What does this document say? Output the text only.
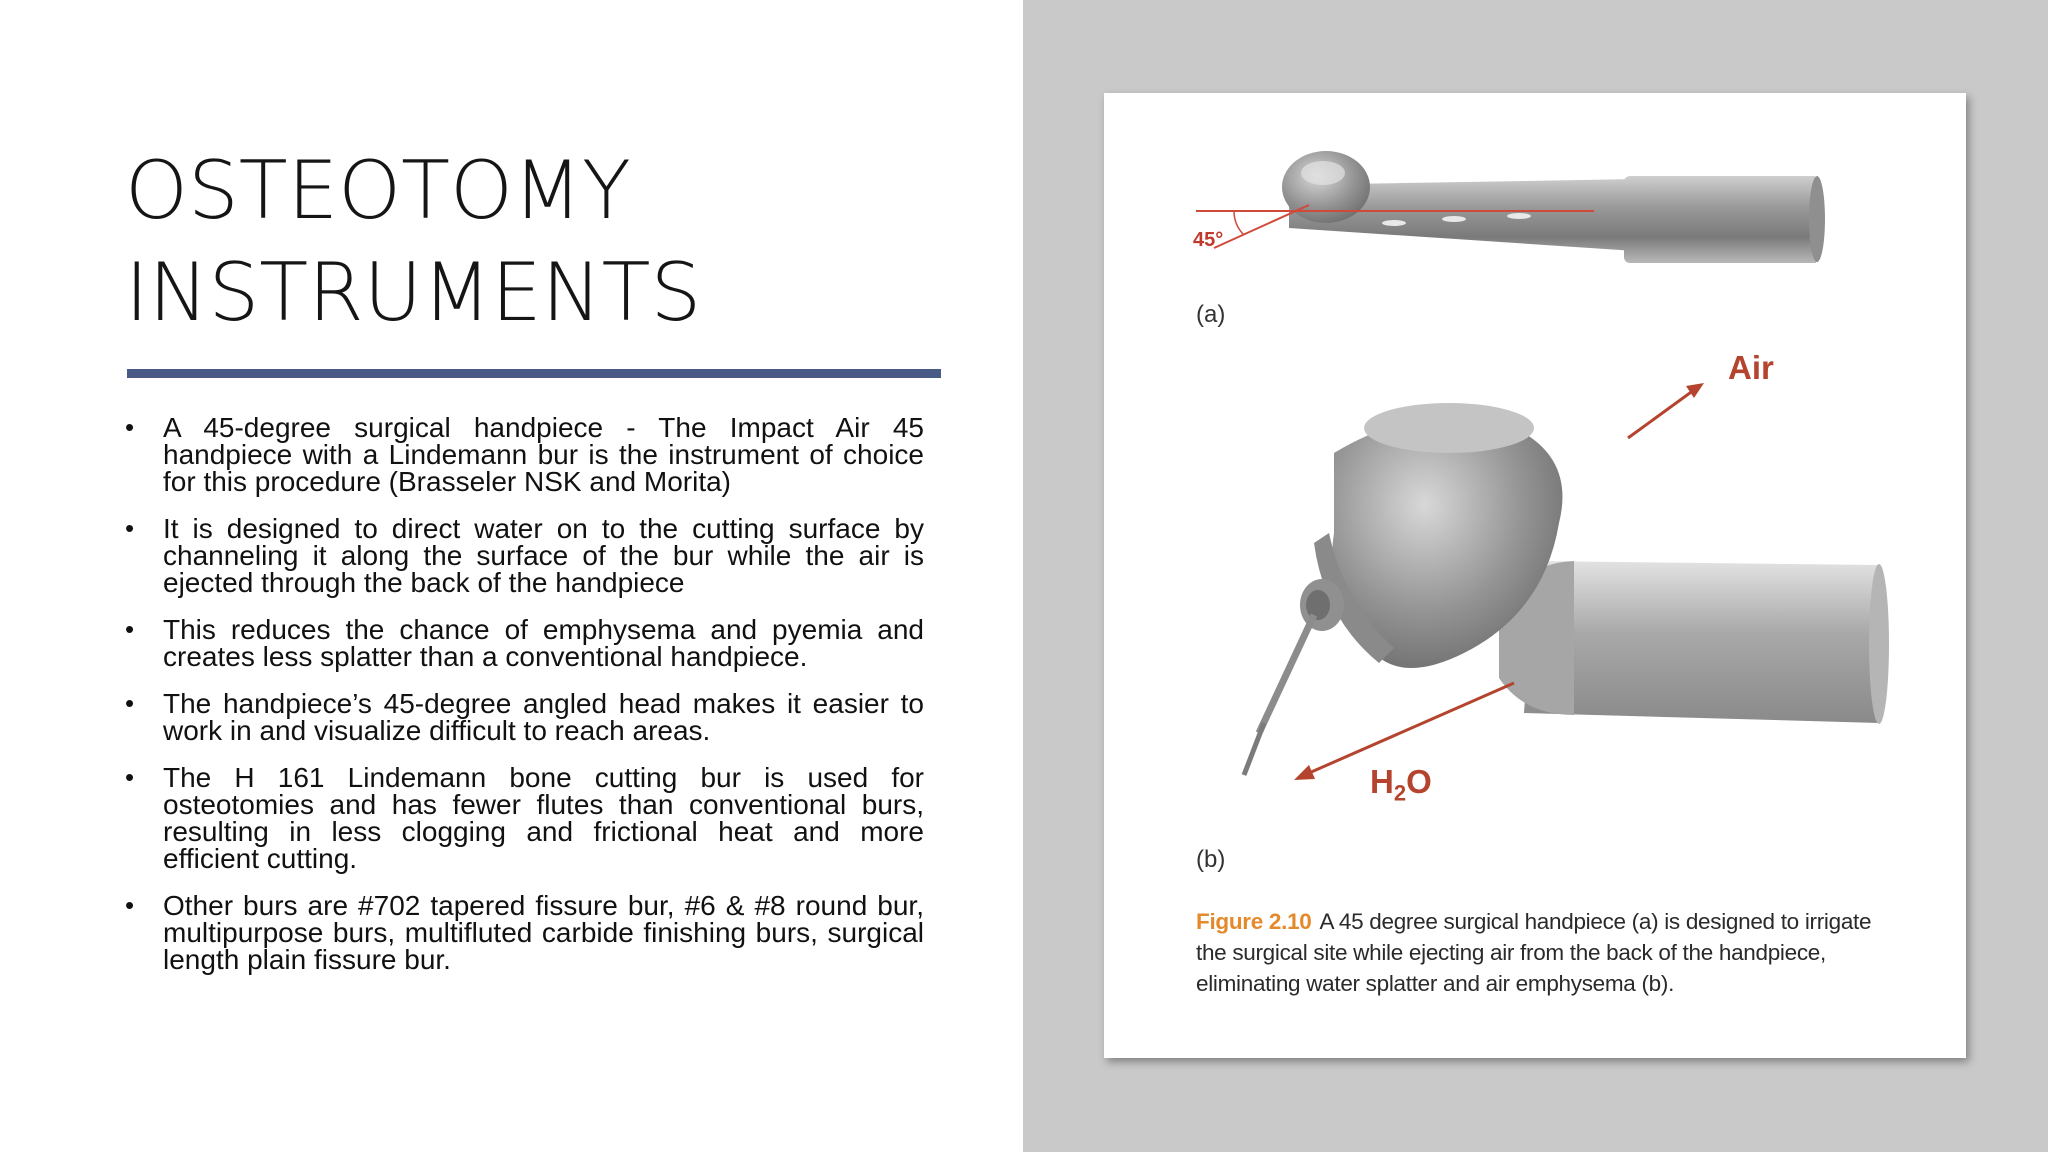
OSTEOTOMY
INSTRUMENTS
• A 45-degree surgical handpiece - The Impact Air 45 handpiece with a Lindemann bur is the instrument of choice for this procedure (Brasseler NSK and Morita)
• It is designed to direct water on to the cutting surface by channeling it along the surface of the bur while the air is ejected through the back of the handpiece
• This reduces the chance of emphysema and pyemia and creates less splatter than a conventional handpiece.
• The handpiece’s 45-degree angled head makes it easier to work in and visualize difficult to reach areas.
• The H 161 Lindemann bone cutting bur is used for osteotomies and has fewer flutes than conventional burs, resulting in less clogging and frictional heat and more efficient cutting.
• Other burs are #702 tapered fissure bur, #6 & #8 round bur, multipurpose burs, multifluted carbide finishing burs, surgical length plain fissure bur.
45°
(a)
Air
$H_2O$
(b)
Figure 2.10 A 45 degree surgical handpiece (a) is designed to irrigate the surgical site while ejecting air from the back of the handpiece, eliminating water splatter and air emphysema (b).
